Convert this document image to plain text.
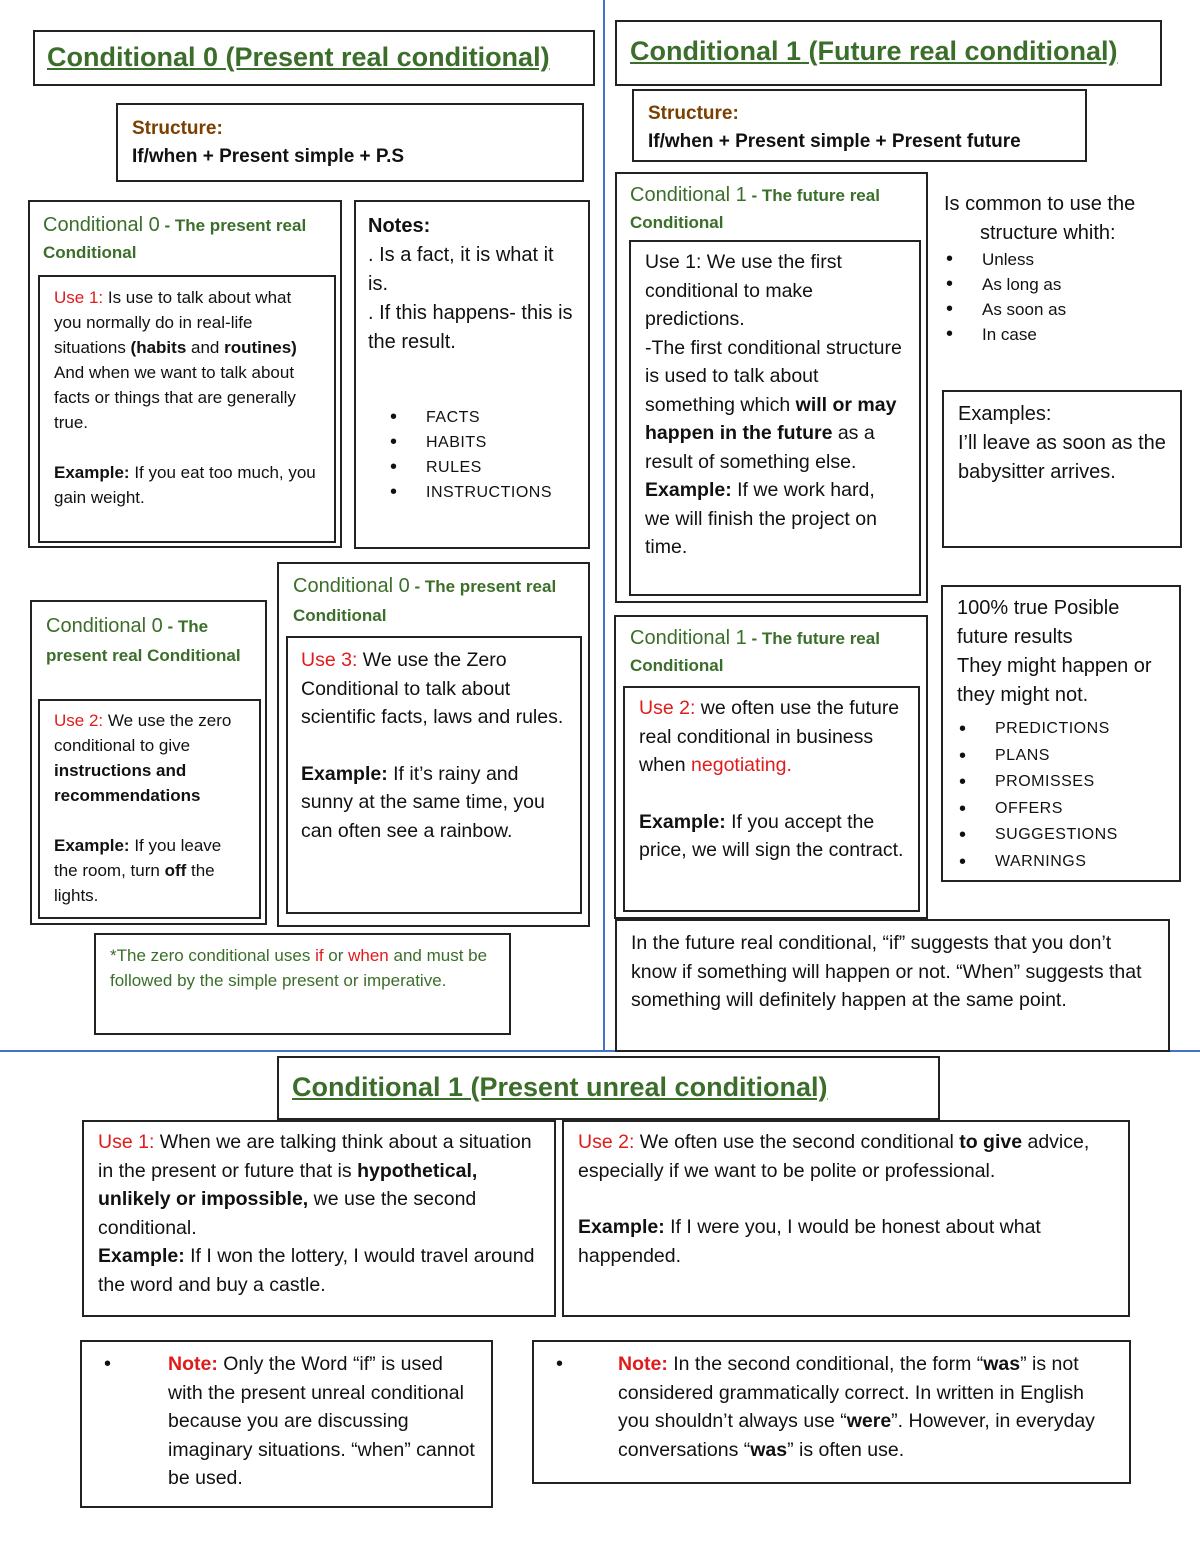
Conditional 0 (Present real conditional)
Structure:
If/when + Present simple + P.S
Conditional 0 - The present real Conditional
Use 1: Is use to talk about what you normally do in real-life situations (habits and routines) And when we want to talk about facts or things that are generally true.
Example: If you eat too much, you gain weight.
Notes:
. Is a fact, it is what it is.
. If this happens- this is the result.
• FACTS
• HABITS
• RULES
• INSTRUCTIONS
Conditional 0 - The present real Conditional
Use 3: We use the Zero Conditional to talk about scientific facts, laws and rules.
Example: If it’s rainy and sunny at the same time, you can often see a rainbow.
Conditional 0 - The present real Conditional
Use 2: We use the zero conditional to give instructions and recommendations
Example: If you leave the room, turn off the lights.
*The zero conditional uses if or when and must be followed by the simple present or imperative.
Conditional 1 (Future real conditional)
Structure:
If/when + Present simple + Present future
Conditional 1 - The future real Conditional
Use 1: We use the first conditional to make predictions.
-The first conditional structure is used to talk about something which will or may happen in the future as a result of something else.
Example: If we work hard, we will finish the project on time.
Is common to use the
structure whith:
• Unless
• As long as
• As soon as
• In case
Examples:
I’ll leave as soon as the babysitter arrives.
Conditional 1 - The future real Conditional
Use 2: we often use the future real conditional in business when negotiating.
Example: If you accept the price, we will sign the contract.
100% true Posible future results
They might happen or they might not.
• PREDICTIONS
• PLANS
• PROMISSES
• OFFERS
• SUGGESTIONS
• WARNINGS
In the future real conditional, “if” suggests that you don’t know if something will happen or not. “When” suggests that something will definitely happen at the same point.
Conditional 1 (Present unreal conditional)
Use 1: When we are talking think about a situation in the present or future that is hypothetical, unlikely or impossible, we use the second conditional.
Example: If I won the lottery, I would travel around the word and buy a castle.
Use 2: We often use the second conditional to give advice, especially if we want to be polite or professional.
Example: If I were you, I would be honest about what happended.
• Note: Only the Word “if” is used with the present unreal conditional because you are discussing imaginary situations. “when” cannot be used.
• Note: In the second conditional, the form “was” is not considered grammatically correct. In written in English you shouldn’t always use “were”. However, in everyday conversations “was” is often use.
